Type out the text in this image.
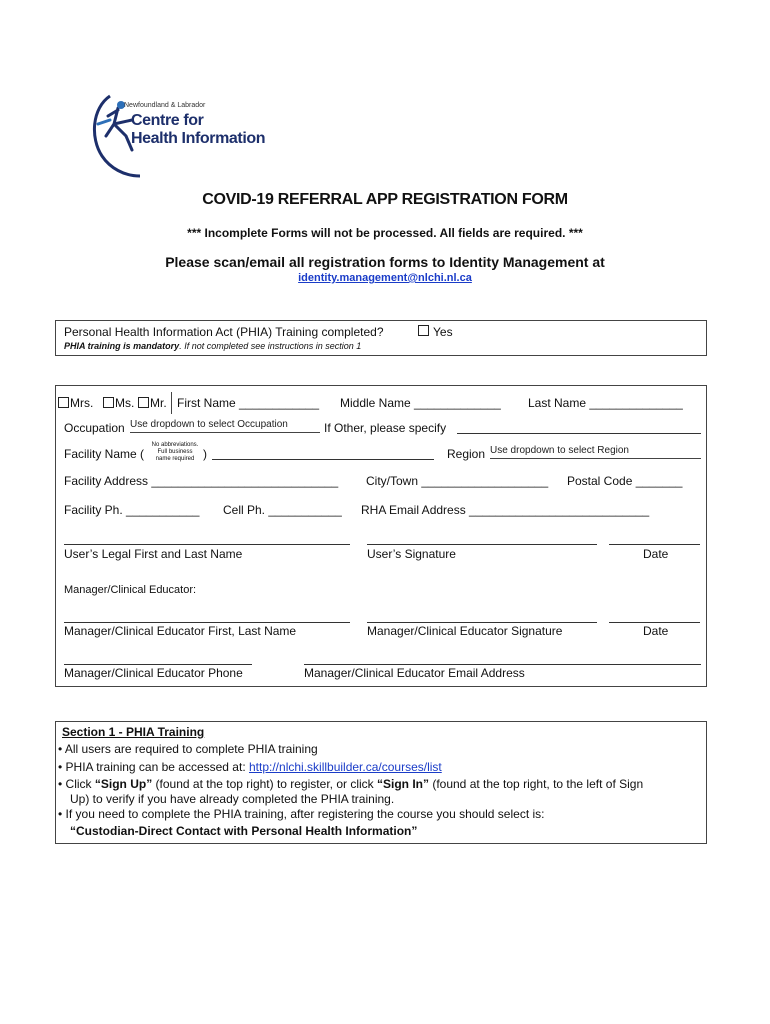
Newfoundland & Labrador
Centre for
Health Information
COVID-19 REFERRAL APP REGISTRATION FORM
*** Incomplete Forms will not be processed. All fields are required. ***
Please scan/email all registration forms to Identity Management at
identity.management@nlchi.nl.ca
Personal Health Information Act (PHIA) Training completed?	Yes
PHIA training is mandatory. If not completed see instructions in section 1
Mrs. Ms. Mr. First Name ____________ Middle Name _____________ Last Name ______________
Occupation Use dropdown to select Occupation	If Other, please specify
Facility Name (
No abbreviations.
Full business
name required )	Region Use dropdown to select Region
Facility Address ____________________________ City/Town ___________________ Postal Code _______
Facility Ph. ___________ Cell Ph. ___________ RHA Email Address ___________________________
User’s Legal First and Last Name	User’s Signature	Date
Manager/Clinical Educator:
Manager/Clinical Educator First, Last Name	Manager/Clinical Educator Signature	Date
Manager/Clinical Educator Phone	Manager/Clinical Educator Email Address
Section 1 - PHIA Training
• All users are required to complete PHIA training
• PHIA training can be accessed at: http://nlchi.skillbuilder.ca/courses/list
• Click “Sign Up” (found at the top right) to register, or click “Sign In” (found at the top right, to the left of Sign
Up) to verify if you have already completed the PHIA training.
• If you need to complete the PHIA training, after registering the course you should select is:
“Custodian-Direct Contact with Personal Health Information”
